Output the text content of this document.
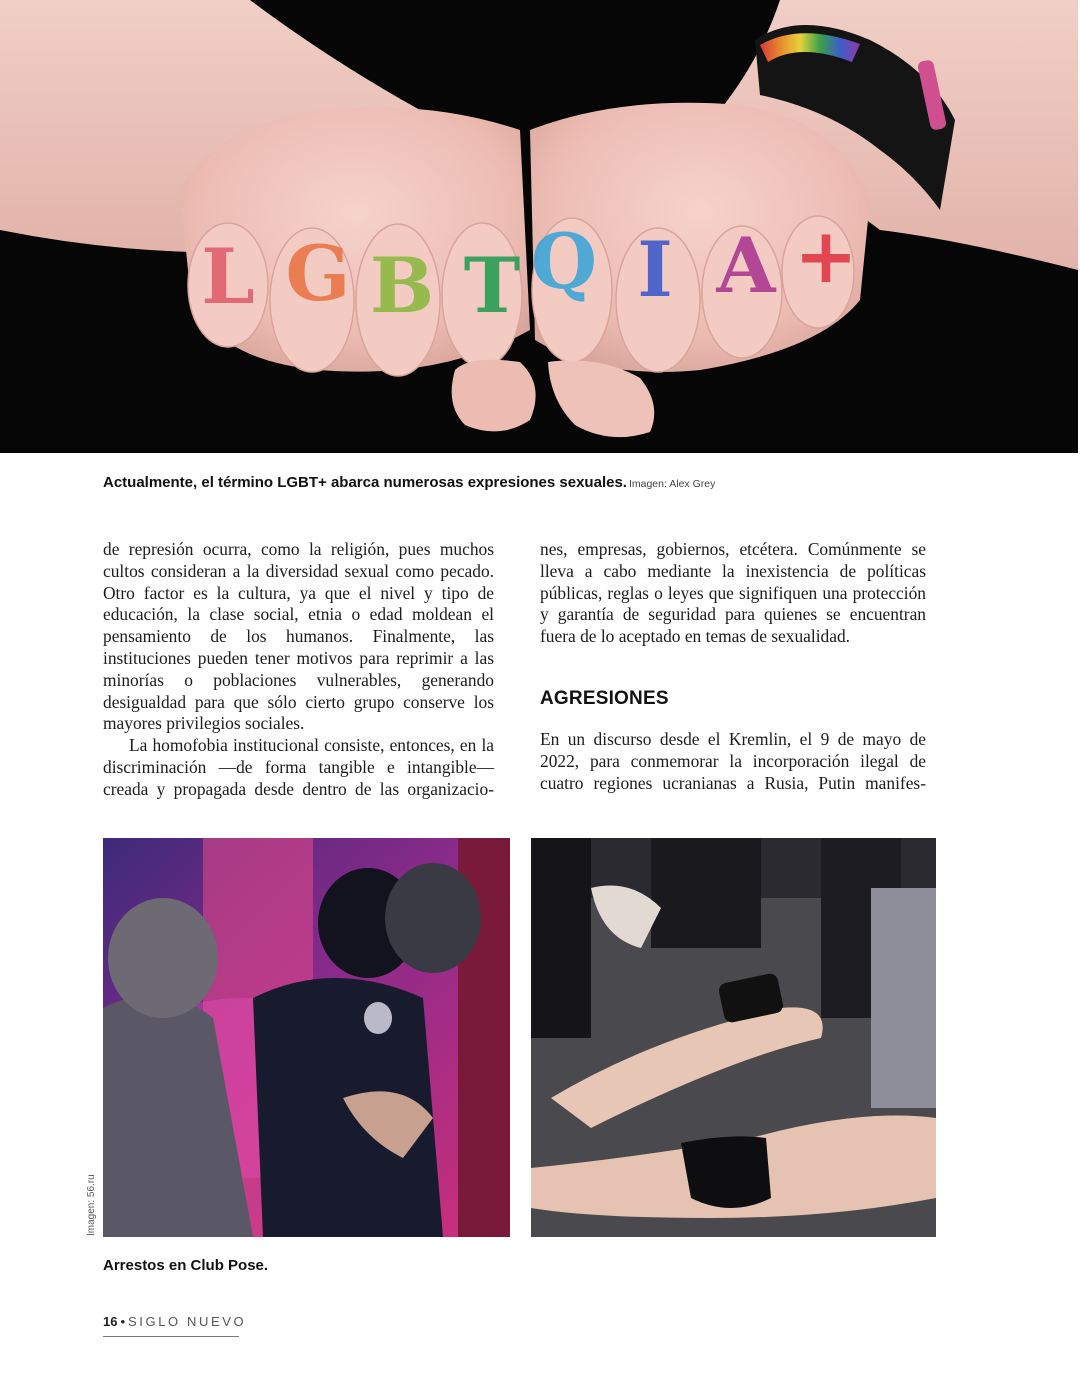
L G B T Q I A +
Actualmente, el término LGBT+ abarca numerosas expresiones sexuales. Imagen: Alex Grey

de represión ocurra, como la religión, pues muchos cultos consideran a la diversidad sexual como pecado. Otro factor es la cultura, ya que el nivel y tipo de educación, la clase social, etnia o edad moldean el pensamiento de los humanos. Finalmente, las instituciones pueden tener motivos para reprimir a las minorías o poblaciones vulnerables, generando desigualdad para que sólo cierto grupo conserve los mayores privilegios sociales.

La homofobia institucional consiste, entonces, en la discriminación —de forma tangible e intangible— creada y propagada desde dentro de las organizacio-

nes, empresas, gobiernos, etcétera. Comúnmente se lleva a cabo mediante la inexistencia de políticas públicas, reglas o leyes que signifiquen una protección y garantía de seguridad para quienes se encuentran fuera de lo aceptado en temas de sexualidad.

AGRESIONES

En un discurso desde el Kremlin, el 9 de mayo de 2022, para conmemorar la incorporación ilegal de cuatro regiones ucranianas a Rusia, Putin manifes-

Imagen: 56.ru
Arrestos en Club Pose.
16 • SIGLO NUEVO
